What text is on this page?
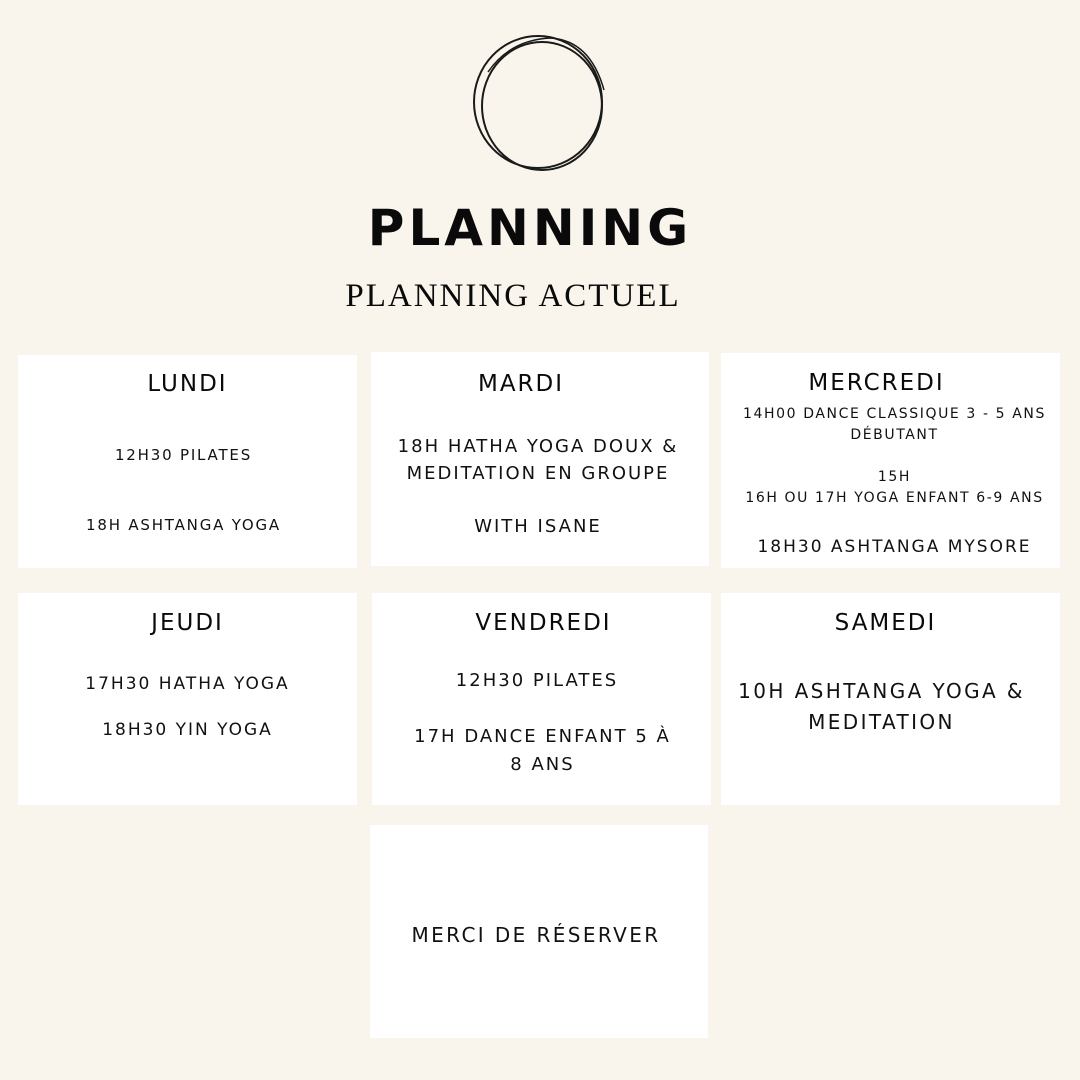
PLANNING
PLANNING ACTUEL
LUNDI
12H30 PILATES
18H ASHTANGA YOGA
MARDI
18H HATHA YOGA DOUX &
MEDITATION EN GROUPE
WITH ISANE
MERCREDI
14H00 DANCE CLASSIQUE 3 - 5 ANS
DÉBUTANT
15H
16H OU 17H YOGA ENFANT 6-9 ANS
18H30 ASHTANGA MYSORE
JEUDI
17H30 HATHA YOGA
18H30 YIN YOGA
VENDREDI
12H30 PILATES
17H DANCE ENFANT 5 À
8 ANS
SAMEDI
10H ASHTANGA YOGA &
MEDITATION
MERCI DE RÉSERVER
